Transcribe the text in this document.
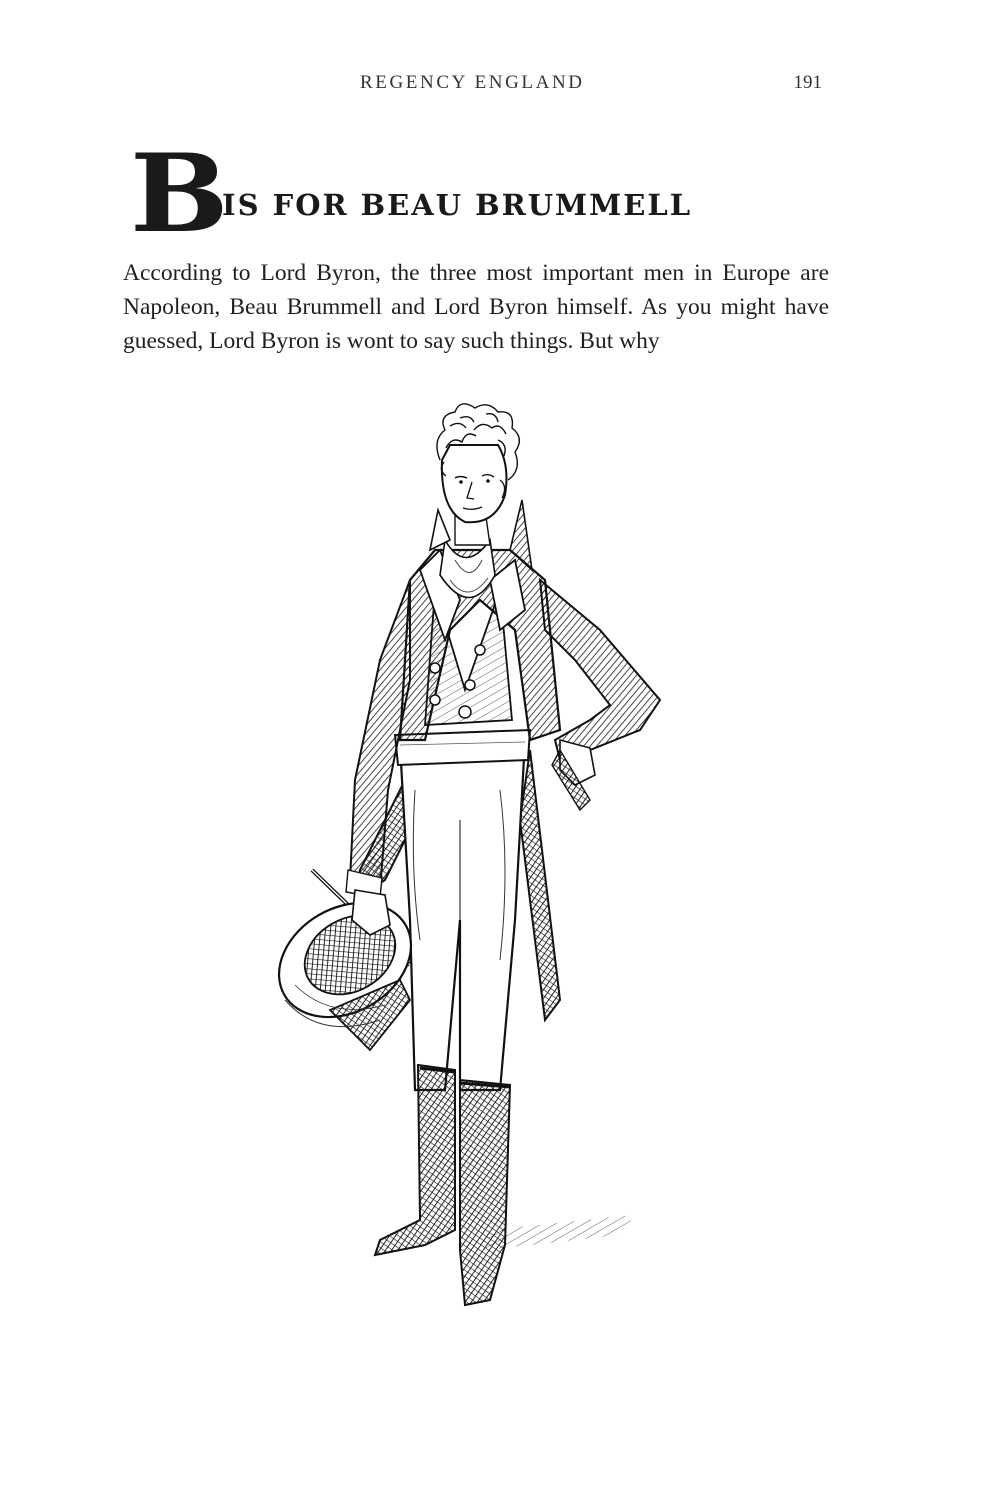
REGENCY ENGLAND	191
B
IS FOR BEAU BRUMMELL

According to Lord Byron, the three most important men in Europe are Napoleon, Beau Brummell and Lord Byron himself. As you might have guessed, Lord Byron is wont to say such things. But why
